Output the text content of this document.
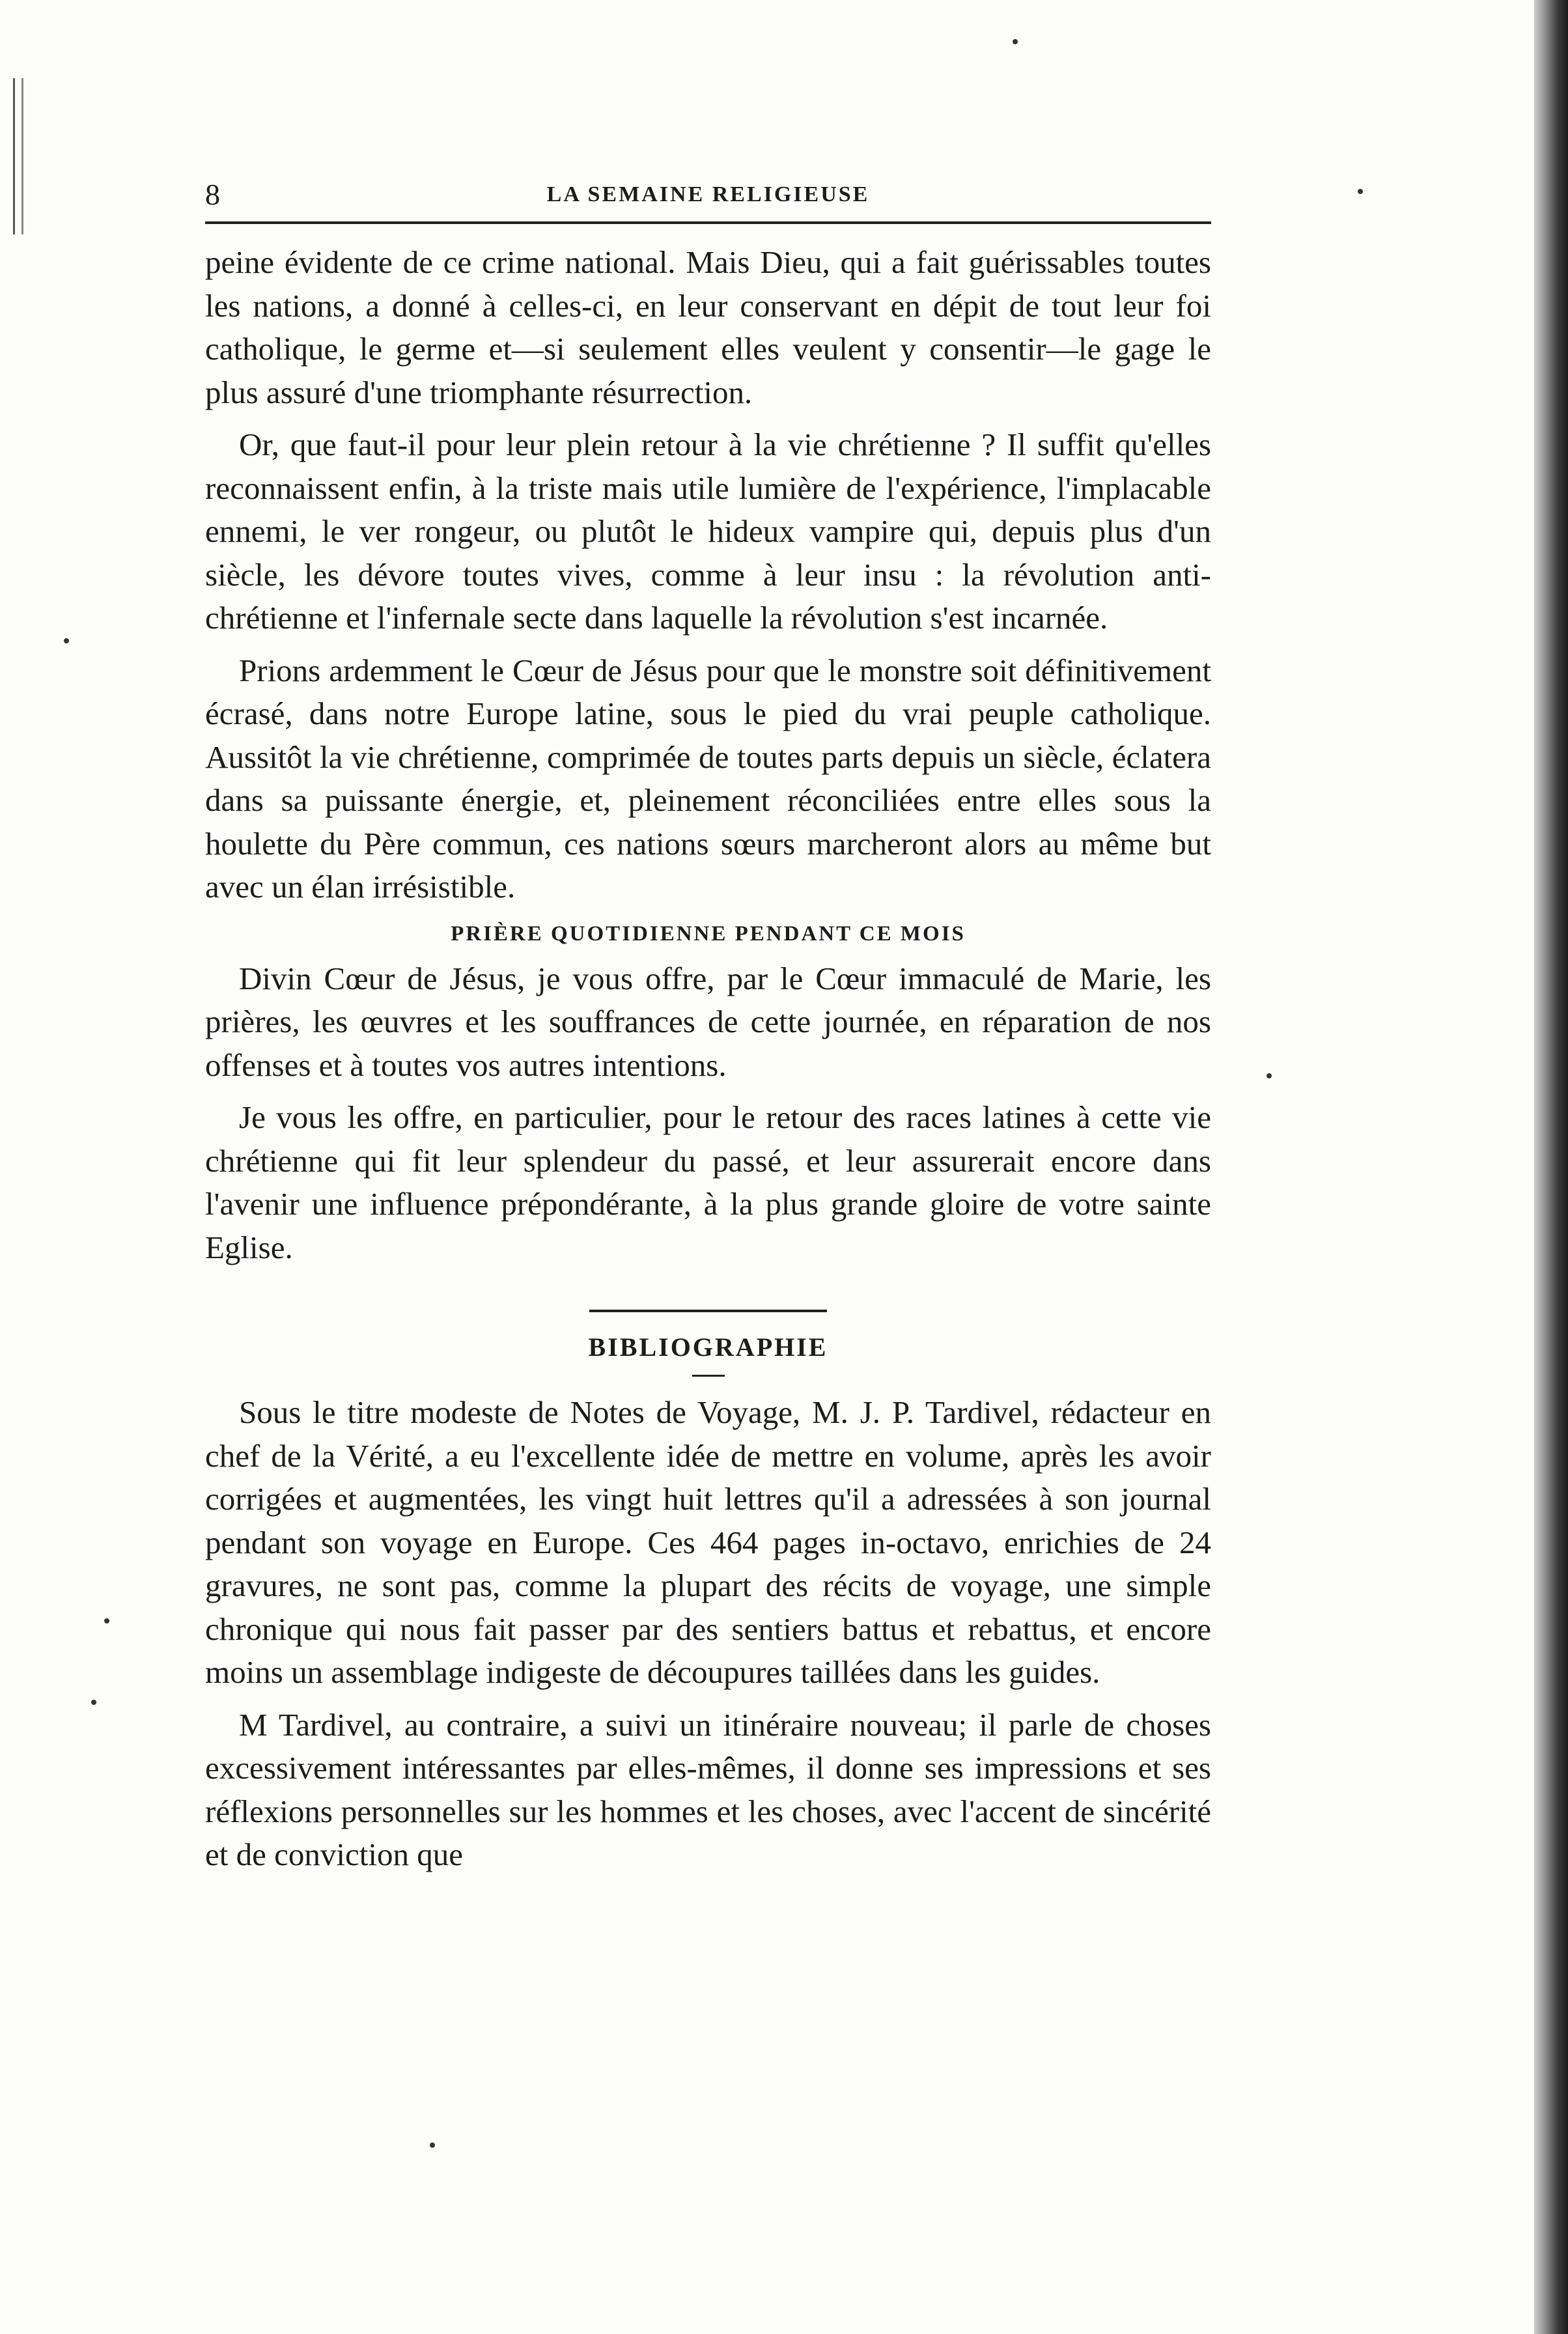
8	LA SEMAINE RELIGIEUSE

peine évidente de ce crime national. Mais Dieu, qui a fait guérissables toutes les nations, a donné à celles-ci, en leur conservant en dépit de tout leur foi catholique, le germe et—si seulement elles veulent y consentir—le gage le plus assuré d'une triomphante résurrection.

Or, que faut-il pour leur plein retour à la vie chrétienne ? Il suffit qu'elles reconnaissent enfin, à la triste mais utile lumière de l'expérience, l'implacable ennemi, le ver rongeur, ou plutôt le hideux vampire qui, depuis plus d'un siècle, les dévore toutes vives, comme à leur insu : la révolution anti-chrétienne et l'infernale secte dans laquelle la révolution s'est incarnée.

Prions ardemment le Cœur de Jésus pour que le monstre soit définitivement écrasé, dans notre Europe latine, sous le pied du vrai peuple catholique. Aussitôt la vie chrétienne, comprimée de toutes parts depuis un siècle, éclatera dans sa puissante énergie, et, pleinement réconciliées entre elles sous la houlette du Père commun, ces nations sœurs marcheront alors au même but avec un élan irrésistible.

PRIÈRE QUOTIDIENNE PENDANT CE MOIS

Divin Cœur de Jésus, je vous offre, par le Cœur immaculé de Marie, les prières, les œuvres et les souffrances de cette journée, en réparation de nos offenses et à toutes vos autres intentions.

Je vous les offre, en particulier, pour le retour des races latines à cette vie chrétienne qui fit leur splendeur du passé, et leur assurerait encore dans l'avenir une influence prépondérante, à la plus grande gloire de votre sainte Eglise.

BIBLIOGRAPHIE

Sous le titre modeste de Notes de Voyage, M. J. P. Tardivel, rédacteur en chef de la Vérité, a eu l'excellente idée de mettre en volume, après les avoir corrigées et augmentées, les vingt huit lettres qu'il a adressées à son journal pendant son voyage en Europe. Ces 464 pages in-octavo, enrichies de 24 gravures, ne sont pas, comme la plupart des récits de voyage, une simple chronique qui nous fait passer par des sentiers battus et rebattus, et encore moins un assemblage indigeste de découpures taillées dans les guides.

M Tardivel, au contraire, a suivi un itinéraire nouveau; il parle de choses excessivement intéressantes par elles-mêmes, il donne ses impressions et ses réflexions personnelles sur les hommes et les choses, avec l'accent de sincérité et de conviction que
